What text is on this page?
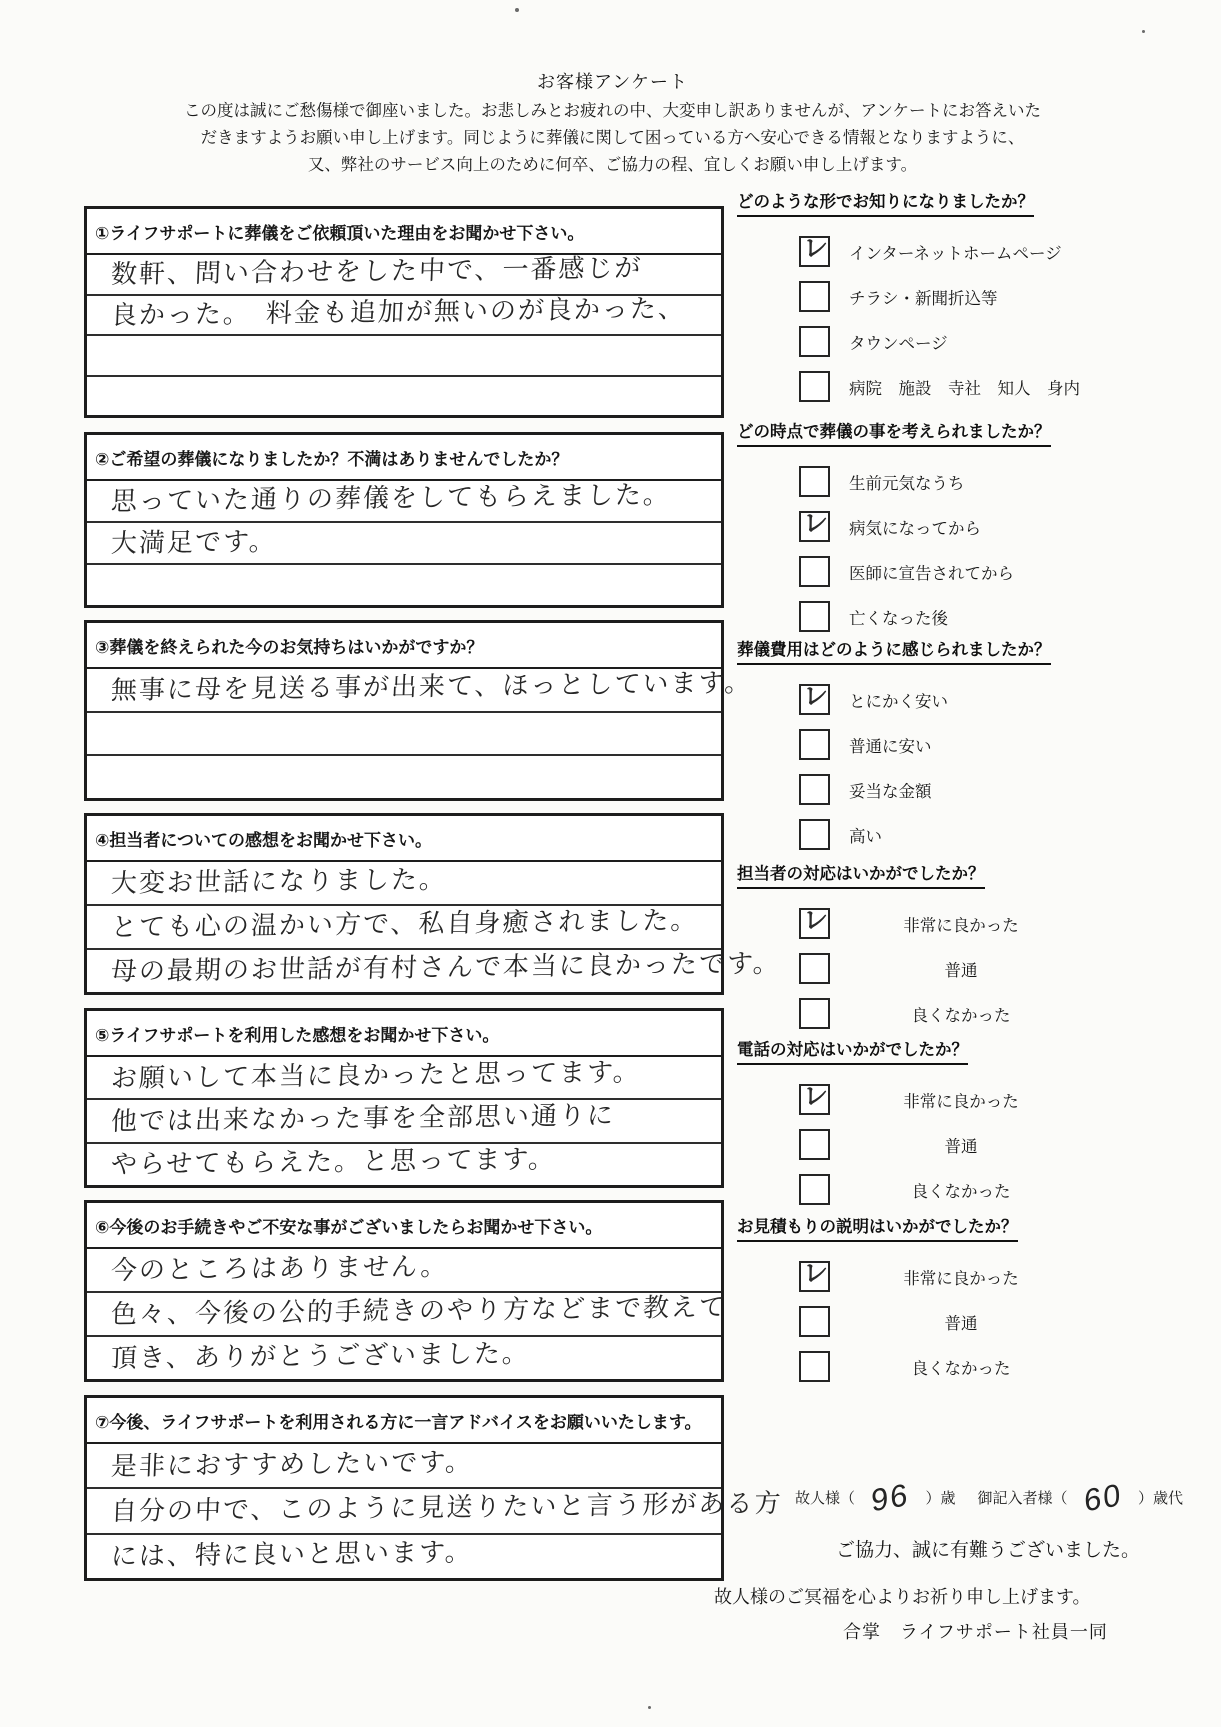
お客様アンケート
この度は誠にご愁傷様で御座いました。お悲しみとお疲れの中、大変申し訳ありませんが、アンケートにお答えいた
だきますようお願い申し上げます。同じように葬儀に関して困っている方へ安心できる情報となりますように、
又、弊社のサービス向上のために何卒、ご協力の程、宜しくお願い申し上げます。
①ライフサポートに葬儀をご依頼頂いた理由をお聞かせ下さい。
数軒、問い合わせをした中で、一番感じが
良かった。　料金も追加が無いのが良かった、
②ご希望の葬儀になりましたか？不満はありませんでしたか？
思っていた通りの葬儀をしてもらえました。
大満足です。
③葬儀を終えられた今のお気持ちはいかがですか？
無事に母を見送る事が出来て、ほっとしています。
④担当者についての感想をお聞かせ下さい。
大変お世話になりました。
とても心の温かい方で、私自身癒されました。
母の最期のお世話が有村さんで本当に良かったです。
⑤ライフサポートを利用した感想をお聞かせ下さい。
お願いして本当に良かったと思ってます。
他では出来なかった事を全部思い通りに
やらせてもらえた。と思ってます。
⑥今後のお手続きやご不安な事がございましたらお聞かせ下さい。
今のところはありません。
色々、今後の公的手続きのやり方などまで教えて
頂き、ありがとうございました。
⑦今後、ライフサポートを利用される方に一言アドバイスをお願いいたします。
是非におすすめしたいです。
自分の中で、このように見送りたいと言う形がある方
には、特に良いと思います。
どのような形でお知りになりましたか？
レ インターネットホームページ
チラシ・新聞折込等
タウンページ
病院　施設　寺社　知人　身内
どの時点で葬儀の事を考えられましたか？
生前元気なうち
レ 病気になってから
医師に宣告されてから
亡くなった後
葬儀費用はどのように感じられましたか？
レ とにかく安い
普通に安い
妥当な金額
高い
担当者の対応はいかがでしたか？
レ	非常に良かった
普通
良くなかった
電話の対応はいかがでしたか？
レ	非常に良かった
普通
良くなかった
お見積もりの説明はいかがでしたか？
レ	非常に良かった
普通
良くなかった
故人様（ 96 ）歳 御記入者様（ 60 ）歳代
ご協力、誠に有難うございました。
故人様のご冥福を心よりお祈り申し上げます。
合掌　ライフサポート社員一同
